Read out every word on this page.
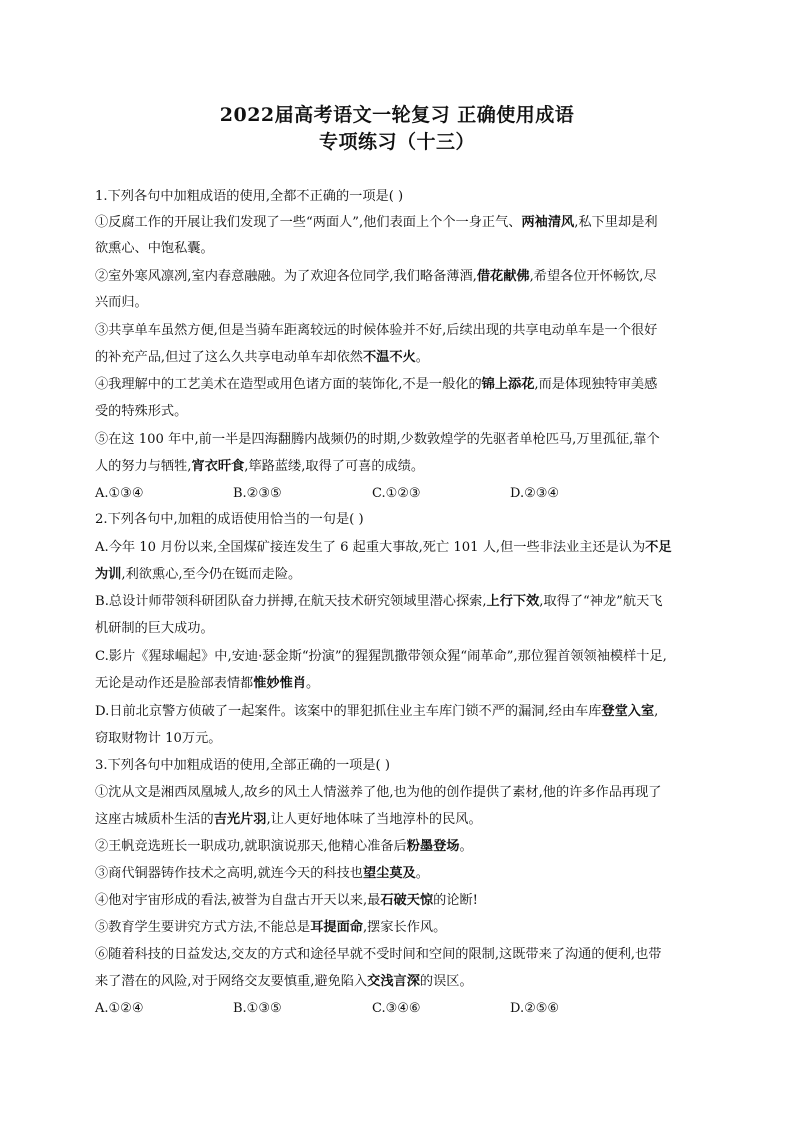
2022届高考语文一轮复习 正确使用成语
专项练习（十三）
1.下列各句中加粗成语的使用,全都不正确的一项是( )
①反腐工作的开展让我们发现了一些“两面人”,他们表面上个个一身正气、两袖清风,私下里却是利
欲熏心、中饱私囊。
②室外寒风凛冽,室内春意融融。为了欢迎各位同学,我们略备薄酒,借花献佛,希望各位开怀畅饮,尽
兴而归。
③共享单车虽然方便,但是当骑车距离较远的时候体验并不好,后续出现的共享电动单车是一个很好
的补充产品,但过了这么久共享电动单车却依然不温不火。
④我理解中的工艺美术在造型或用色诸方面的装饰化,不是一般化的锦上添花,而是体现独特审美感
受的特殊形式。
⑤在这 100 年中,前一半是四海翻腾内战频仍的时期,少数敦煌学的先驱者单枪匹马,万里孤征,靠个
人的努力与牺牲,宵衣旰食,筚路蓝缕,取得了可喜的成绩。
A.①③④	B.②③⑤	C.①②③	D.②③④
2.下列各句中,加粗的成语使用恰当的一句是( )
A.今年 10 月份以来,全国煤矿接连发生了 6 起重大事故,死亡 101 人,但一些非法业主还是认为不足
为训,利欲熏心,至今仍在铤而走险。
B.总设计师带领科研团队奋力拼搏,在航天技术研究领域里潜心探索,上行下效,取得了“神龙”航天飞
机研制的巨大成功。
C.影片《猩球崛起》中,安迪·瑟金斯“扮演”的猩猩凯撒带领众猩“闹革命”,那位猩首领领袖模样十足,
无论是动作还是脸部表情都惟妙惟肖。
D.日前北京警方侦破了一起案件。该案中的罪犯抓住业主车库门锁不严的漏洞,经由车库登堂入室,
窃取财物计 10万元。
3.下列各句中加粗成语的使用,全部正确的一项是( )
①沈从文是湘西凤凰城人,故乡的风土人情滋养了他,也为他的创作提供了素材,他的许多作品再现了
这座古城质朴生活的吉光片羽,让人更好地体味了当地淳朴的民风。
②王帆竞选班长一职成功,就职演说那天,他精心准备后粉墨登场。
③商代铜器铸作技术之高明,就连今天的科技也望尘莫及。
④他对宇宙形成的看法,被誉为自盘古开天以来,最石破天惊的论断!
⑤教育学生要讲究方式方法,不能总是耳提面命,摆家长作风。
⑥随着科技的日益发达,交友的方式和途径早就不受时间和空间的限制,这既带来了沟通的便利,也带
来了潜在的风险,对于网络交友要慎重,避免陷入交浅言深的误区。
A.①②④	B.①③⑤	C.③④⑥	D.②⑤⑥
